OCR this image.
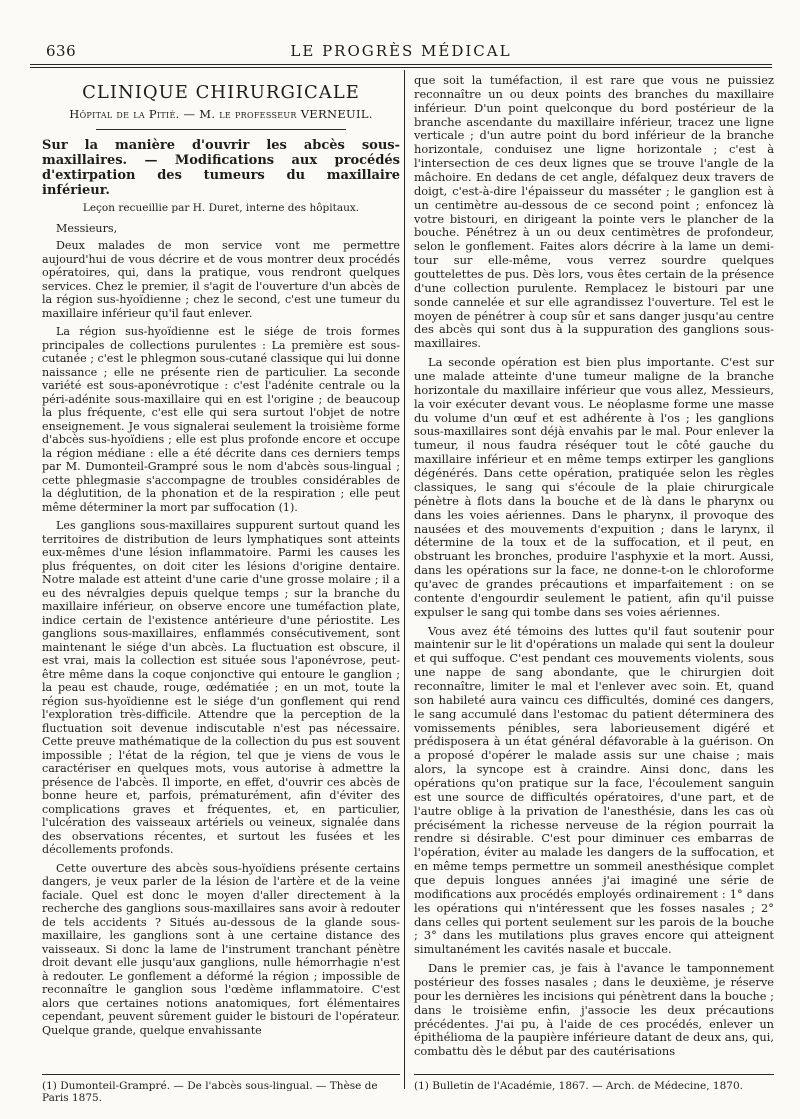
636	LE PROGRÈS MÉDICAL
CLINIQUE CHIRURGICALE
Hôpital de la Pitié. — M. le professeur VERNEUIL.
Sur la manière d'ouvrir les abcès sous-maxillaires. — Modifications aux procédés d'extirpation des tumeurs du maxillaire inférieur.
Leçon recueillie par H. Duret, interne des hôpitaux.
Messieurs,

Deux malades de mon service vont me permettre aujourd'hui de vous décrire et de vous montrer deux procédés opératoires, qui, dans la pratique, vous rendront quelques services. Chez le premier, il s'agit de l'ouverture d'un abcès de la région sus-hyoïdienne ; chez le second, c'est une tumeur du maxillaire inférieur qu'il faut enlever.

La région sus-hyoïdienne est le siége de trois formes principales de collections purulentes : La première est sous-cutanée ; c'est le phlegmon sous-cutané classique qui lui donne naissance ; elle ne présente rien de particulier. La seconde variété est sous-aponévrotique : c'est l'adénite centrale ou la péri-adénite sous-maxillaire qui en est l'origine ; de beaucoup la plus fréquente, c'est elle qui sera surtout l'objet de notre enseignement. Je vous signalerai seulement la troisième forme d'abcès sus-hyoïdiens ; elle est plus profonde encore et occupe la région médiane : elle a été décrite dans ces derniers temps par M. Dumonteil-Grampré sous le nom d'abcès sous-lingual ; cette phlegmasie s'accompagne de troubles considérables de la déglutition, de la phonation et de la respiration ; elle peut même déterminer la mort par suffocation (1).

Les ganglions sous-maxillaires suppurent surtout quand les territoires de distribution de leurs lymphatiques sont atteints eux-mêmes d'une lésion inflammatoire. Parmi les causes les plus fréquentes, on doit citer les lésions d'origine dentaire. Notre malade est atteint d'une carie d'une grosse molaire ; il a eu des névralgies depuis quelque temps ; sur la branche du maxillaire inférieur, on observe encore une tuméfaction plate, indice certain de l'existence antérieure d'une périostite. Les ganglions sous-maxillaires, enflammés consécutivement, sont maintenant le siége d'un abcès. La fluctuation est obscure, il est vrai, mais la collection est située sous l'aponévrose, peut-être même dans la coque conjonctive qui entoure le ganglion ; la peau est chaude, rouge, œdématiée ; en un mot, toute la région sus-hyoïdienne est le siége d'un gonflement qui rend l'exploration très-difficile. Attendre que la perception de la fluctuation soit devenue indiscutable n'est pas nécessaire. Cette preuve mathématique de la collection du pus est souvent impossible ; l'état de la région, tel que je viens de vous le caractériser en quelques mots, vous autorise à admettre la présence de l'abcès. Il importe, en effet, d'ouvrir ces abcès de bonne heure et, parfois, prématurément, afin d'éviter des complications graves et fréquentes, et, en particulier, l'ulcération des vaisseaux artériels ou veineux, signalée dans des observations récentes, et surtout les fusées et les décollements profonds.

Cette ouverture des abcès sous-hyoïdiens présente certains dangers, je veux parler de la lésion de l'artère et de la veine faciale. Quel est donc le moyen d'aller directement à la recherche des ganglions sous-maxillaires sans avoir à redouter de tels accidents ? Situés au-dessous de la glande sous-maxillaire, les ganglions sont à une certaine distance des vaisseaux. Si donc la lame de l'instrument tranchant pénètre droit devant elle jusqu'aux ganglions, nulle hémorrhagie n'est à redouter. Le gonflement a déformé la région ; impossible de reconnaître le ganglion sous l'œdème inflammatoire. C'est alors que certaines notions anatomiques, fort élémentaires cependant, peuvent sûrement guider le bistouri de l'opérateur. Quelque grande, quelque envahissante

que soit la tuméfaction, il est rare que vous ne puissiez reconnaître un ou deux points des branches du maxillaire inférieur. D'un point quelconque du bord postérieur de la branche ascendante du maxillaire inférieur, tracez une ligne verticale ; d'un autre point du bord inférieur de la branche horizontale, conduisez une ligne horizontale ; c'est à l'intersection de ces deux lignes que se trouve l'angle de la mâchoire. En dedans de cet angle, défalquez deux travers de doigt, c'est-à-dire l'épaisseur du masséter ; le ganglion est à un centimètre au-dessous de ce second point ; enfoncez là votre bistouri, en dirigeant la pointe vers le plancher de la bouche. Pénétrez à un ou deux centimètres de profondeur, selon le gonflement. Faites alors décrire à la lame un demi-tour sur elle-même, vous verrez sourdre quelques gouttelettes de pus. Dès lors, vous êtes certain de la présence d'une collection purulente. Remplacez le bistouri par une sonde cannelée et sur elle agrandissez l'ouverture. Tel est le moyen de pénétrer à coup sûr et sans danger jusqu'au centre des abcès qui sont dus à la suppuration des ganglions sous-maxillaires.

La seconde opération est bien plus importante. C'est sur une malade atteinte d'une tumeur maligne de la branche horizontale du maxillaire inférieur que vous allez, Messieurs, la voir exécuter devant vous. Le néoplasme forme une masse du volume d'un œuf et est adhérente à l'os ; les ganglions sous-maxillaires sont déjà envahis par le mal. Pour enlever la tumeur, il nous faudra réséquer tout le côté gauche du maxillaire inférieur et en même temps extirper les ganglions dégénérés. Dans cette opération, pratiquée selon les règles classiques, le sang qui s'écoule de la plaie chirurgicale pénètre à flots dans la bouche et de là dans le pharynx ou dans les voies aériennes. Dans le pharynx, il provoque des nausées et des mouvements d'expuition ; dans le larynx, il détermine de la toux et de la suffocation, et il peut, en obstruant les bronches, produire l'asphyxie et la mort. Aussi, dans les opérations sur la face, ne donne-t-on le chloroforme qu'avec de grandes précautions et imparfaitement : on se contente d'engourdir seulement le patient, afin qu'il puisse expulser le sang qui tombe dans ses voies aériennes.

Vous avez été témoins des luttes qu'il faut soutenir pour maintenir sur le lit d'opérations un malade qui sent la douleur et qui suffoque. C'est pendant ces mouvements violents, sous une nappe de sang abondante, que le chirurgien doit reconnaître, limiter le mal et l'enlever avec soin. Et, quand son habileté aura vaincu ces difficultés, dominé ces dangers, le sang accumulé dans l'estomac du patient déterminera des vomissements pénibles, sera laborieusement digéré et prédisposera à un état général défavorable à la guérison. On a proposé d'opérer le malade assis sur une chaise ; mais alors, la syncope est à craindre. Ainsi donc, dans les opérations qu'on pratique sur la face, l'écoulement sanguin est une source de difficultés opératoires, d'une part, et de l'autre oblige à la privation de l'anesthésie, dans les cas où précisément la richesse nerveuse de la région pourrait la rendre si désirable. C'est pour diminuer ces embarras de l'opération, éviter au malade les dangers de la suffocation, et en même temps permettre un sommeil anesthésique complet que depuis longues années j'ai imaginé une série de modifications aux procédés employés ordinairement : 1° dans les opérations qui n'intéressent que les fosses nasales ; 2° dans celles qui portent seulement sur les parois de la bouche ; 3° dans les mutilations plus graves encore qui atteignent simultanément les cavités nasale et buccale.

Dans le premier cas, je fais à l'avance le tamponnement postérieur des fosses nasales ; dans le deuxième, je réserve pour les dernières les incisions qui pénètrent dans la bouche ; dans le troisième enfin, j'associe les deux précautions précédentes. J'ai pu, à l'aide de ces procédés, enlever un épithélioma de la paupière inférieure datant de deux ans, qui, combattu dès le début par des cautérisations

(1) Dumonteil-Grampré. — De l'abcès sous-lingual. — Thèse de Paris 1875.
(1) Bulletin de l'Académie, 1867. — Arch. de Médecine, 1870.
